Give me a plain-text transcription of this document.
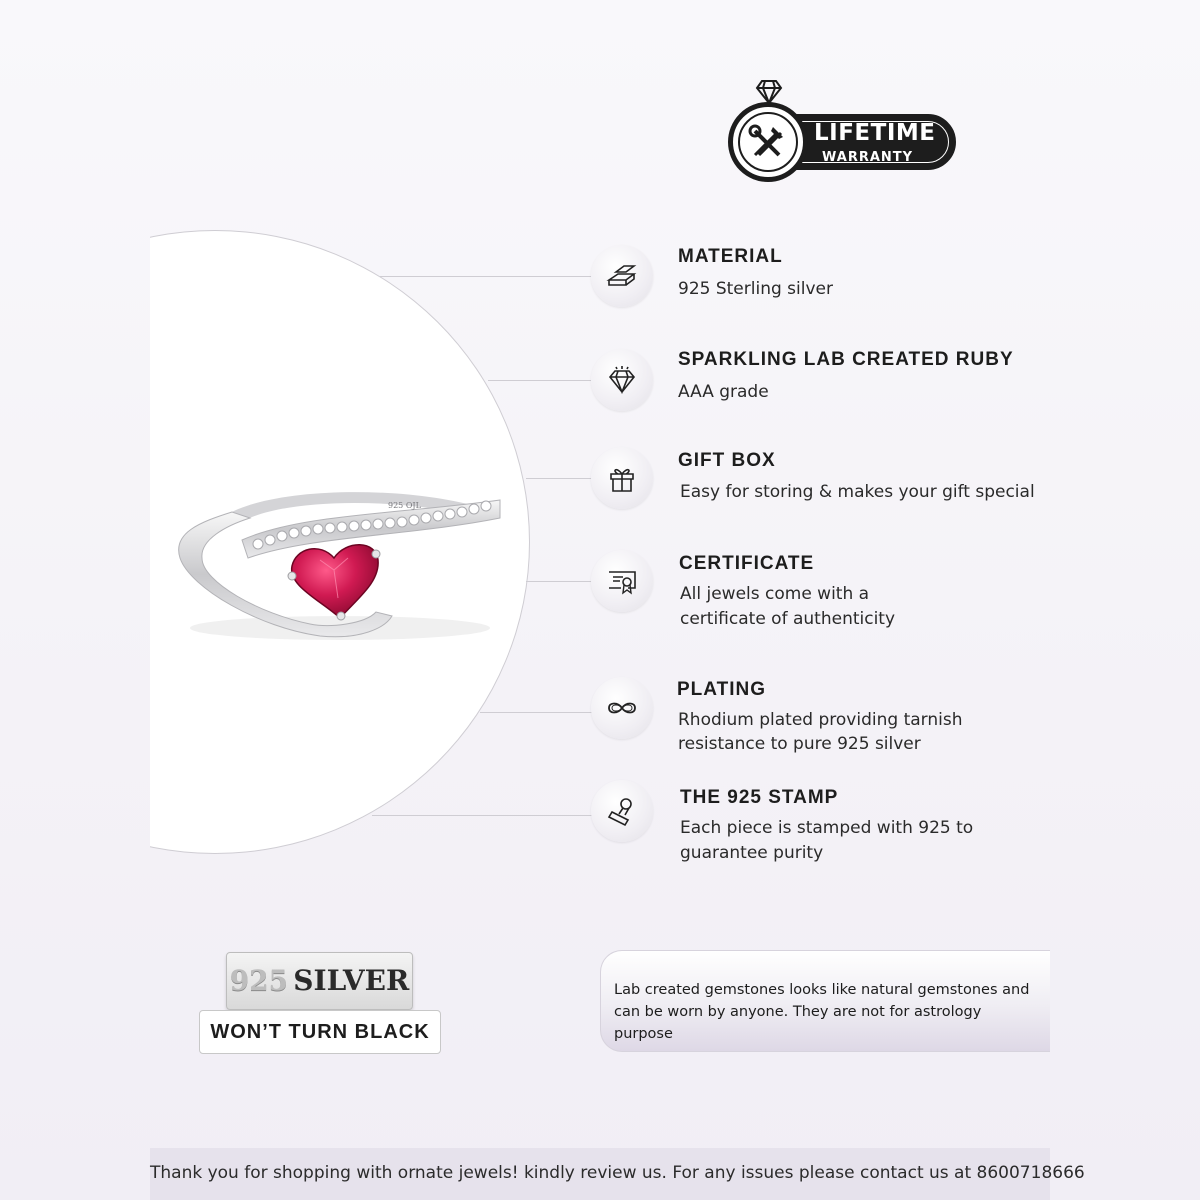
925 OJL
LIFETIME
WARRANTY
MATERIAL
925 Sterling silver
SPARKLING LAB CREATED RUBY
AAA grade
GIFT BOX
Easy for storing & makes your gift special
CERTIFICATE
All jewels come with a
certificate of authenticity
PLATING
Rhodium plated providing tarnish
resistance to pure 925 silver
THE 925 STAMP
Each piece is stamped with 925 to
guarantee purity
925 SILVER
WON’T TURN BLACK
Lab created gemstones looks like natural gemstones and
can be worn by anyone. They are not for astrology purpose
Thank you for shopping with ornate jewels! kindly review us. For any issues please contact us at 8600718666
